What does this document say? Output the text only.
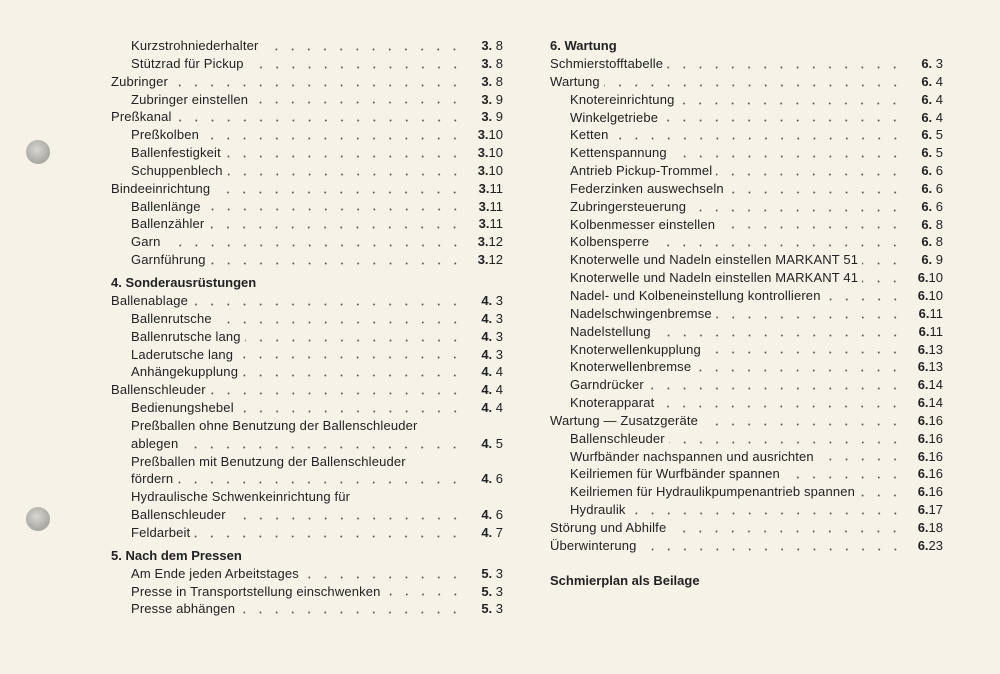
Kurzstrohniederhalter	3. 8
Stützrad für Pickup	3. 8
Zubringer	3. 8
Zubringer einstellen	3. 9
Preßkanal	3. 9
Preßkolben	3.10
Ballenfestigkeit	3.10
Schuppenblech	3.10
Bindeeinrichtung	3.11
Ballenlänge	3.11
Ballenzähler	3.11
Garn	3.12
Garnführung	3.12
4. Sonderausrüstungen
Ballenablage	4. 3
Ballenrutsche	4. 3
Ballenrutsche lang	4. 3
Laderutsche lang	4. 3
Anhängekupplung	4. 4
Ballenschleuder	4. 4
Bedienungshebel	4. 4
Preßballen ohne Benutzung der Ballenschleuder
ablegen	4. 5
Preßballen mit Benutzung der Ballenschleuder
fördern	4. 6
Hydraulische Schwenkeinrichtung für
Ballenschleuder	4. 6
Feldarbeit	4. 7
5. Nach dem Pressen
Am Ende jeden Arbeitstages	5. 3
Presse in Transportstellung einschwenken	5. 3
Presse abhängen	5. 3
6. Wartung
Schmierstofftabelle	6. 3
Wartung	6. 4
Knotereinrichtung	6. 4
Winkelgetriebe	6. 4
Ketten	6. 5
Kettenspannung	6. 5
Antrieb Pickup-Trommel	6. 6
Federzinken auswechseln	6. 6
Zubringersteuerung	6. 6
Kolbenmesser einstellen	6. 8
Kolbensperre	6. 8
Knoterwelle und Nadeln einstellen MARKANT 51	6. 9
Knoterwelle und Nadeln einstellen MARKANT 41	6.10
Nadel- und Kolbeneinstellung kontrollieren	6.10
Nadelschwingenbremse	6.11
Nadelstellung	6.11
Knoterwellenkupplung	6.13
Knoterwellenbremse	6.13
Garndrücker	6.14
Knoterapparat	6.14
Wartung — Zusatzgeräte	6.16
Ballenschleuder	6.16
Wurfbänder nachspannen und ausrichten	6.16
Keilriemen für Wurfbänder spannen	6.16
Keilriemen für Hydraulikpumpenantrieb spannen	6.16
Hydraulik	6.17
Störung und Abhilfe	6.18
Überwinterung	6.23
Schmierplan als Beilage
